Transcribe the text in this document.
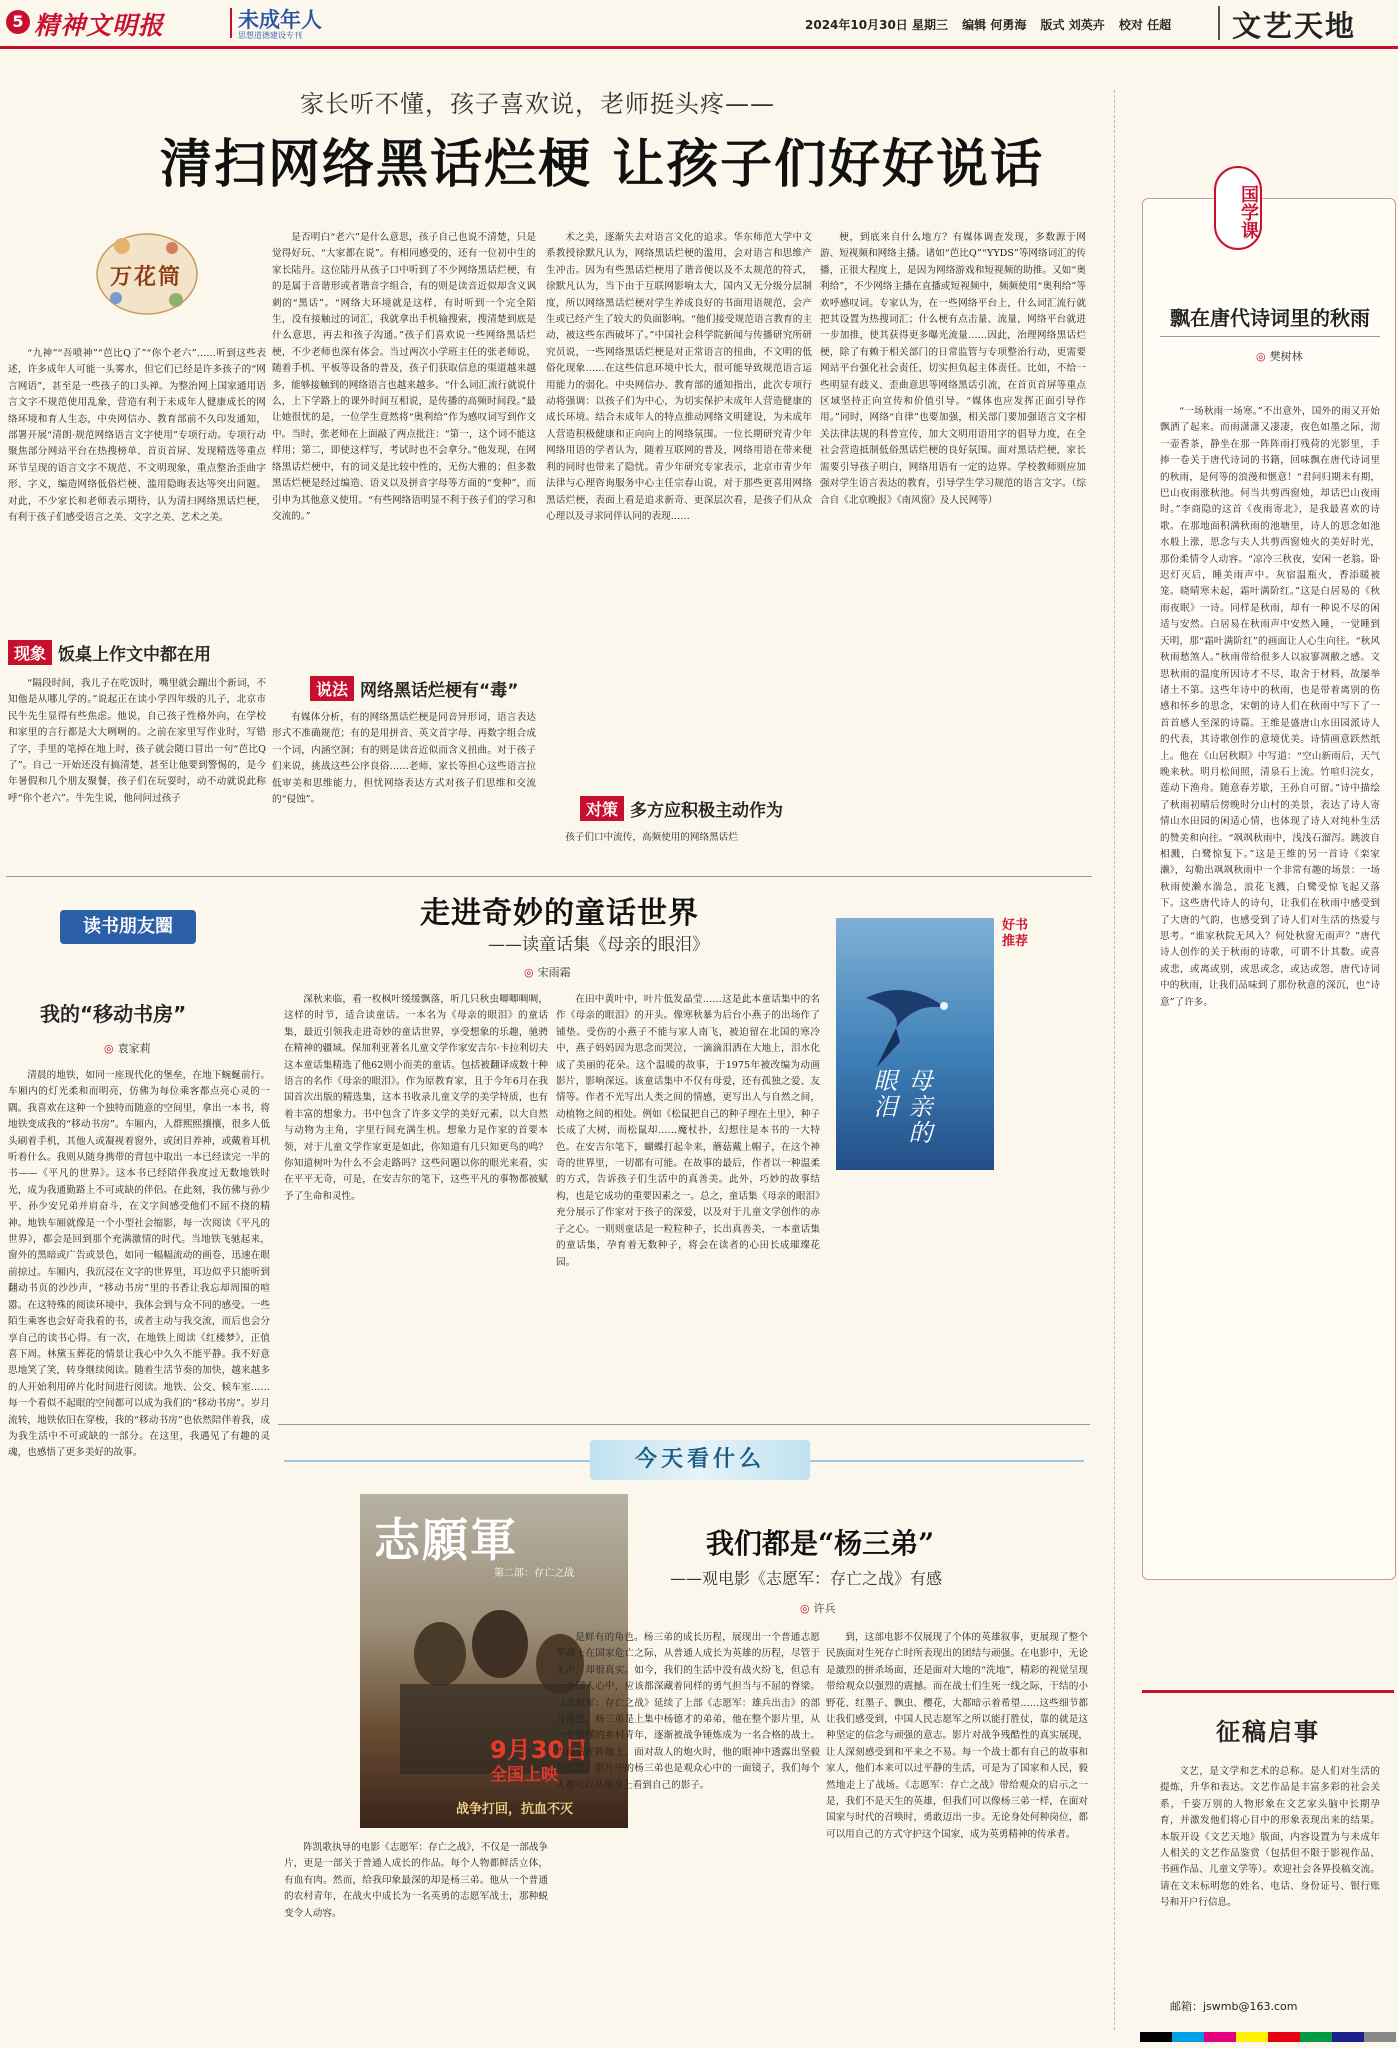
5 精神文明报	未成年人
思想道德建设专刊
2024年10月30日 星期三 编辑 何勇海 版式 刘英卉 校对 任超 文艺天地
家长听不懂，孩子喜欢说，老师挺头疼——
清扫网络黑话烂梗 让孩子们好好说话
万花筒

“九神”“吾喷神”“芭比Q了”“你个老六”……听到这些表述，许多成年人可能一头雾水，但它们已经是许多孩子的“网言网语”，甚至是一些孩子的口头禅。为整治网上国家通用语言文字不规范使用乱象，营造有利于未成年人健康成长的网络环境和育人生态，中央网信办、教育部前不久印发通知，部署开展“清朗·规范网络语言文字使用”专项行动。专项行动聚焦部分网站平台在热搜榜单、首页首屏、发现精选等重点环节呈现的语言文字不规范、不文明现象，重点整治歪曲字形、字义，编造网络低俗烂梗、滥用隐晦表达等突出问题。对此，不少家长和老师表示期待，认为清扫网络黑话烂梗，有利于孩子们感受语言之美、文字之美、艺术之美。

现象 饭桌上作文中都在用

“隔段时间，我儿子在吃饭时，嘴里就会蹦出个新词，不知他是从哪儿学的。”说起正在读小学四年级的儿子，北京市民牛先生显得有些焦虑。他说，自己孩子性格外向，在学校和家里的言行都是大大咧咧的。之前在家里写作业时，写错了字，手里的笔掉在地上时，孩子就会随口冒出一句“芭比Q了”。自己一开始还没有搞清楚，甚至让他要到警惕的，是今年暑假和几个朋友聚餐，孩子们在玩耍时，动不动就说此称呼“你个老六”。牛先生说，他问问过孩子

是否明白“老六”是什么意思，孩子自己也说不清楚，只是觉得好玩、“大家都在说”。有相同感受的，还有一位初中生的家长陆丹。这位陆丹从孩子口中听到了不少网络黑话烂梗，有的是属于音谐形或者谐音字组合，有的则是读音近似却含义讽刺的“黑话”。“网络大环境就是这样，有时听到一个完全陌生，没有接触过的词汇，我就拿出手机输搜索，搜清楚到底是什么意思，再去和孩子沟通。”孩子们喜欢说一些网络黑话烂梗，不少老师也深有体会。当过两次小学班主任的张老师说，随着手机、平板等设备的普及，孩子们获取信息的渠道越来越多，能够接触到的网络语言也越来越多。“什么词汇流行就说什么，上下学路上的课外时间互相说，是传播的高频时间段。”最让她很忧的是，一位学生竟然将“奥利给”作为感叹词写到作文中。当时，张老师在上面敲了两点批注：“第一，这个词不能这样用；第二，即使这样写，考试时也不会拿分。”他发现，在网络黑话烂梗中，有的词义是比较中性的，无伤大雅的；但多数黑话烂梗是经过编造、语义以及拼音字母等方面的“变种”，而引申为其他意义使用。“有些网络语明显不利于孩子们的学习和交流的。”

说法 网络黑话烂梗有“毒”

有媒体分析，有的网络黑话烂梗是同音异形词，语言表达形式不准确规范；有的是用拼音、英文首字母、再数字组合成一个词，内涵空洞；有的则是读音近似而含义扭曲。对于孩子们来说，挑战这些公序良俗……老师、家长等担心这些语言拉低审美和思维能力，担忧网络表达方式对孩子们思维和交流的“侵蚀”。

术之美，逐渐失去对语言文化的追求。华东师范大学中文系教授徐默凡认为，网络黑话烂梗的滥用，会对语言和思维产生冲击。因为有些黑话烂梗用了谐音便以及不太规范的符式，徐默凡认为，当下由于互联网影响太大，国内又无分级分层制度，所以网络黑话烂梗对学生养成良好的书面用语规范，会产生或已经产生了较大的负面影响。“他们接受规范语言教育的主动，被这些东西破坏了。”中国社会科学院新闻与传播研究所研究员说，一些网络黑话烂梗是对正常语言的扭曲，不文明的低俗化现象……在这些信息环境中长大，很可能导致规范语言运用能力的弱化。中央网信办、教育部的通知指出，此次专项行动将强调：以孩子们为中心，为切实保护未成年人营造健康的成长环境。结合未成年人的特点推动网络文明建设，为未成年人营造积极健康和正向向上的网络氛围。一位长期研究青少年网络用语的学者认为，随着互联网的普及，网络用语在带来便利的同时也带来了隐忧。青少年研究专家表示，北京市青少年法律与心理咨询服务中心主任宗春山说，对于那些更喜用网络黑话烂梗，表面上看是追求新奇、更深层次看，是孩子们从众心理以及寻求同伴认同的表现……

对策 多方应积极主动作为

孩子们口中流传，高频使用的网络黑话烂

梗，到底来自什么地方？有媒体调查发现，多数源于网游、短视频和网络主播。诸如“芭比Q”“YYDS”等网络词汇的传播，正很大程度上，是因为网络游戏和短视频的助推。又如“奥利给”，不少网络主播在直播或短视频中，频频使用“奥利给”等欢呼感叹词。专家认为，在一些网络平台上，什么词汇流行就把其设置为热搜词汇；什么梗有点击量、流量，网络平台就进一步加推，使其获得更多曝光流量……因此，治理网络黑话烂梗，除了有赖于相关部门的日常监管与专项整治行动，更需要网站平台强化社会责任，切实担负起主体责任。比如，不给一些明显有歧义、歪曲意思等网络黑话引流，在首页首屏等重点区域坚持正向宣传和价值引导。“媒体也应发挥正面引导作用。”同时，网络“自律”也要加强，相关部门要加强语言文字相关法律法规的科普宣传，加大文明用语用字的倡导力度，在全社会营造抵制低俗黑话烂梗的良好氛围。面对黑话烂梗，家长需要引导孩子明白，网络用语有一定的边界。学校教师则应加强对学生语言表达的教育，引导学生学习规范的语言文字。（综合自《北京晚报》《南风窗》及人民网等）

国学课
飘在唐代诗词里的秋雨
◎ 樊树林

“一场秋雨一场寒。”不出意外，国外的雨又开始飘洒了起来。而雨潇潇又凄凄，夜色如墨之际，沏一壶香茶，静坐在那一阵阵雨打残荷的光影里，手捧一卷关于唐代诗词的书籍，回味飘在唐代诗词里的秋雨，是何等的浪漫和惬意！“君问归期未有期，巴山夜雨涨秋池。何当共剪西窗烛，却话巴山夜雨时。”李商隐的这首《夜雨寄北》，是我最喜欢的诗歌。在那地面积满秋雨的池塘里，诗人的思念如池水般上涨，思念与夫人共剪西窗烛火的美好时光，那份柔情令人动容。“凉冷三秋夜，安闲一老翁。卧迟灯灭后，睡美雨声中。灰宿温瓶火，香添暖被笼。晓晴寒未起，霜叶满阶红。”这是白居易的《秋雨夜眠》一诗。同样是秋雨，却有一种说不尽的闲适与安然。白居易在秋雨声中安然入睡，一觉睡到天明，那“霜叶满阶红”的画面让人心生向往。“秋风秋雨愁煞人。”秋雨带给很多人以寂寥凋敝之感。文思秋雨的温度所因诗才不尽，取舍于材料，故屡举诸土不第。这些年诗中的秋雨，也是带着离别的伤感和怀乡的思念，宋朝的诗人们在秋雨中写下了一首首感人至深的诗篇。王维是盛唐山水田园派诗人的代表，其诗歌创作的意境优美。诗情画意跃然纸上。他在《山居秋暝》中写道：“空山新雨后，天气晚来秋。明月松间照，清泉石上流。竹喧归浣女，莲动下渔舟。随意春芳歇，王孙自可留。”诗中描绘了秋雨初晴后傍晚时分山村的美景，表达了诗人寄情山水田园的闲适心情，也体现了诗人对纯朴生活的赞美和向往。“飒飒秋雨中，浅浅石溜泻。跳波自相溅，白鹭惊复下。”这是王维的另一首诗《栾家濑》，勾勒出飒飒秋雨中一个非常有趣的场景：一场秋雨使濑水湍急，浪花飞溅，白鹭受惊飞起又落下。这些唐代诗人的诗句，让我们在秋雨中感受到了大唐的气韵，也感受到了诗人们对生活的热爱与思考。“谁家秋院无风入？何处秋窗无雨声？”唐代诗人创作的关于秋雨的诗歌，可谓不计其数。或喜或悲，或离或别，或思或念，或达或怨，唐代诗词中的秋雨，让我们品味到了那份秋意的深沉，也“诗意”了许多。

征稿启事

文艺，是文学和艺术的总称。是人们对生活的提炼，升华和表达。文艺作品是丰富多彩的社会关系，千姿万别的人物形象在文艺家头脑中长期孕育，并激发他们将心目中的形象表现出来的结果。本版开设《文艺天地》版面，内容设置为与未成年人相关的文艺作品鉴赏（包括但不限于影视作品、书画作品、儿童文学等）。欢迎社会各界投稿交流。请在文末标明您的姓名、电话、身份证号、银行账号和开户行信息。

邮箱：jswmb@163.com
读书朋友圈
我的“移动书房”
◎ 袁家莉

清晨的地铁，如同一座现代化的堡垒，在地下蜿蜒前行。车厢内的灯光柔和而明亮，仿佛为每位乘客都点亮心灵的一隅。我喜欢在这种一个独特而随意的空间里，拿出一本书，将地铁变成我的“移动书房”。车厢内，人群熙熙攘攘，很多人低头刷着手机，其他人或凝视着窗外，或闭目养神，或戴着耳机听着什么。我则从随身携带的背包中取出一本已经读完一半的书——《平凡的世界》。这本书已经陪伴我度过无数地铁时光，成为我通勤路上不可或缺的伴侣。在此刻，我仿佛与孙少平、孙少安兄弟并肩奋斗，在文字间感受他们不屈不挠的精神。地铁车厢就像是一个小型社会缩影，每一次阅读《平凡的世界》，都会是回到那个充满激情的时代。当地铁飞驰起来，窗外的黑暗或广告或景色，如同一幅幅流动的画卷，迅速在眼前掠过。车厢内，我沉浸在文字的世界里，耳边似乎只能听到翻动书页的沙沙声，“移动书房”里的书香让我忘却周围的喧嚣。在这特殊的阅读环境中，我体会到与众不同的感受。一些陌生乘客也会好奇我看的书，或者主动与我交流，而后也会分享自己的读书心得。有一次，在地铁上阅读《红楼梦》，正值喜下周。林黛玉葬花的情景让我心中久久不能平静。我不好意思地笑了笑，转身继续阅读。随着生活节奏的加快，越来越多的人开始利用碎片化时间进行阅读。地铁、公交、候车室……每一个看似不起眼的空间都可以成为我们的“移动书房”。岁月流转，地铁依旧在穿梭，我的“移动书房”也依然陪伴着我，成为我生活中不可或缺的一部分。在这里，我遇见了有趣的灵魂，也感悟了更多美好的故事。

走进奇妙的童话世界
——读童话集《母亲的眼泪》
◎ 宋雨霜

深秋来临，看一枚枫叶缓缓飘落，听几只秋虫唧唧啁啁，这样的时节，适合读童话。一本名为《母亲的眼泪》的童话集，最近引领我走进奇妙的童话世界，享受想象的乐趣，驰骋在精神的疆域。保加利亚著名儿童文学作家安吉尔·卡拉利切夫这本童话集精选了他62则小而美的童话。包括被翻译成数十种语言的名作《母亲的眼泪》。作为原教育家，且于今年6月在我国首次出版的精选集，这本书收录儿童文学的美学特质，也有着丰富的想象力。书中包含了许多文学的美好元素，以大自然与动物为主角，字里行间充满生机。想象力是作家的首要本领，对于儿童文学作家更是如此，你知道有几只知更鸟的鸣？你知道树叶为什么不会走路吗？这些问题以你的眼光来看，实在平平无奇，可是，在安吉尔的笔下，这些平凡的事物都被赋予了生命和灵性。

在田中黄叶中，叶片低发晶莹……这是此本童话集中的名作《母亲的眼泪》的开头。像寒秋暴为后台小燕子的出场作了铺垫。受伤的小燕子不能与家人南飞，被迫留在北国的寒冷中，燕子妈妈因为思念而哭泣，一滴滴泪洒在大地上，泪水化成了美丽的花朵。这个温暖的故事，于1975年被改编为动画影片，影响深远。该童话集中不仅有母爱，还有孤独之爱、友情等。作者不光写出人类之间的情感，更写出人与自然之间，动植物之间的相处。例如《松鼠把自己的种子埋在土里》，种子长成了大树，而松鼠却……魔杖扑，幻想往是本书的一大特色。在安吉尔笔下，蝴蝶打起伞来，蘑菇戴上帽子，在这个神奇的世界里，一切都有可能。在故事的最后，作者以一种温柔的方式，告诉孩子们生活中的真善美。此外，巧妙的故事结构，也是它成功的重要因素之一。总之，童话集《母亲的眼泪》充分展示了作家对于孩子的深爱，以及对于儿童文学创作的赤子之心。一则则童话是一粒粒种子，长出真善美，一本童话集的童话集，孕育着无数种子，将会在读者的心田长成璀璨花园。

母亲的眼泪
好书
推荐
今天看什么
志願軍
第二部：存亡之战
9月30日
全国上映
战争打回，抗血不灭
我们都是“杨三弟”
——观电影《志愿军：存亡之战》有感
◎ 许兵

阵凯歌执导的电影《志愿军：存亡之战》，不仅是一部战争片，更是一部关于普通人成长的作品。每个人物都鲜活立体，有血有肉。然而，给我印象最深的却是杨三弟。他从一个普通的农村青年，在战火中成长为一名英勇的志愿军战士，那种蜕变令人动容。

是鲜有的角色。杨三弟的成长历程，展现出一个普通志愿军战士在国家危亡之际，从普通人成长为英雄的历程，尽管于无声，却很真实。如今，我们的生活中没有战火纷飞，但总有一个国人心中，应该都深藏着同样的勇气担当与不屈的脊梁。《志愿军：存亡之战》延续了上部《志愿军：雄兵出击》的部分角色，杨三弟是上集中杨德才的弟弟，他在整个影片里，从一个懵懂的乡村青年，逐渐被战争锤炼成为一名合格的战士。当他站在阵地上，面对敌人的炮火时，他的眼神中透露出坚毅与无畏。影片中的杨三弟也是观众心中的一面镜子，我们每个人都可以从他身上看到自己的影子。

到，这部电影不仅展现了个体的英雄叙事，更展现了整个民族面对生死存亡时所表现出的团结与顽强。在电影中，无论是激烈的拼杀场面，还是面对大地的“洗地”，精彩的视觉呈现带给观众以强烈的震撼。而在战士们生死一线之际，干结的小野花、红墨子、飘虫、樱花，大都暗示着希望……这些细节都让我们感受到，中国人民志愿军之所以能打胜仗，靠的就是这种坚定的信念与顽强的意志。影片对战争残酷性的真实展现，让人深刻感受到和平来之不易。每一个战士都有自己的故事和家人，他们本来可以过平静的生活，可是为了国家和人民，毅然地走上了战场。《志愿军：存亡之战》带给观众的启示之一是，我们不是天生的英雄，但我们可以像杨三弟一样，在面对国家与时代的召唤时，勇敢迈出一步。无论身处何种岗位，都可以用自己的方式守护这个国家，成为英勇精神的传承者。
